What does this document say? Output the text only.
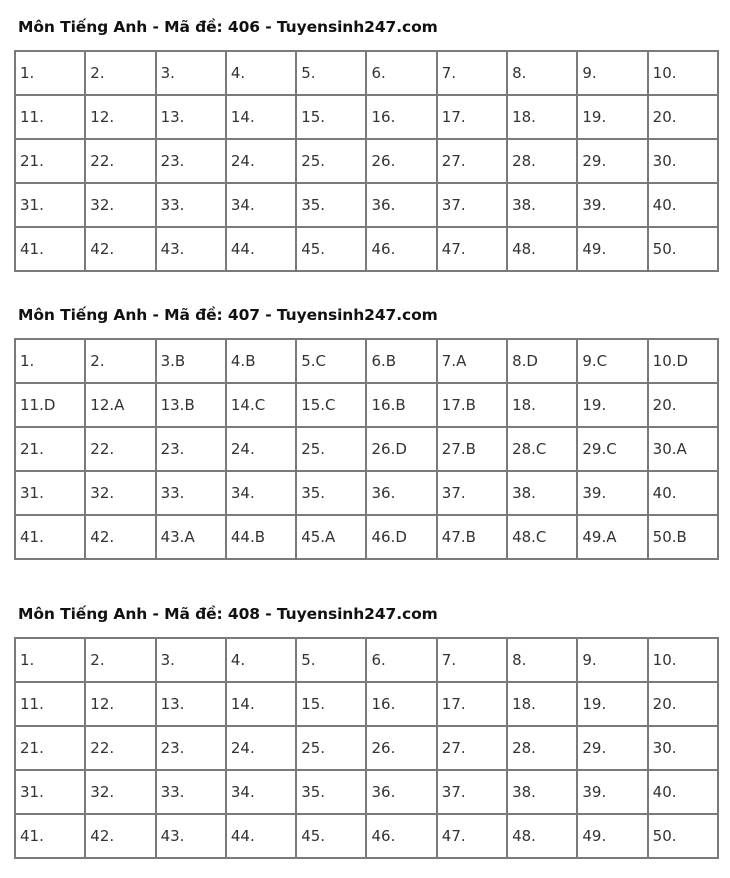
Môn Tiếng Anh - Mã đề: 406 - Tuyensinh247.com
1.	2.	3.	4.	5.	6.	7.	8.	9.	10.
11.	12.	13.	14.	15.	16.	17.	18.	19.	20.
21.	22.	23.	24.	25.	26.	27.	28.	29.	30.
31.	32.	33.	34.	35.	36.	37.	38.	39.	40.
41.	42.	43.	44.	45.	46.	47.	48.	49.	50.
Môn Tiếng Anh - Mã đề: 407 - Tuyensinh247.com
1.	2.	3.B	4.B	5.C	6.B	7.A	8.D	9.C	10.D
11.D	12.A	13.B	14.C	15.C	16.B	17.B	18.	19.	20.
21.	22.	23.	24.	25.	26.D	27.B	28.C	29.C	30.A
31.	32.	33.	34.	35.	36.	37.	38.	39.	40.
41.	42.	43.A	44.B	45.A	46.D	47.B	48.C	49.A	50.B
Môn Tiếng Anh - Mã đề: 408 - Tuyensinh247.com
1.	2.	3.	4.	5.	6.	7.	8.	9.	10.
11.	12.	13.	14.	15.	16.	17.	18.	19.	20.
21.	22.	23.	24.	25.	26.	27.	28.	29.	30.
31.	32.	33.	34.	35.	36.	37.	38.	39.	40.
41.	42.	43.	44.	45.	46.	47.	48.	49.	50.
